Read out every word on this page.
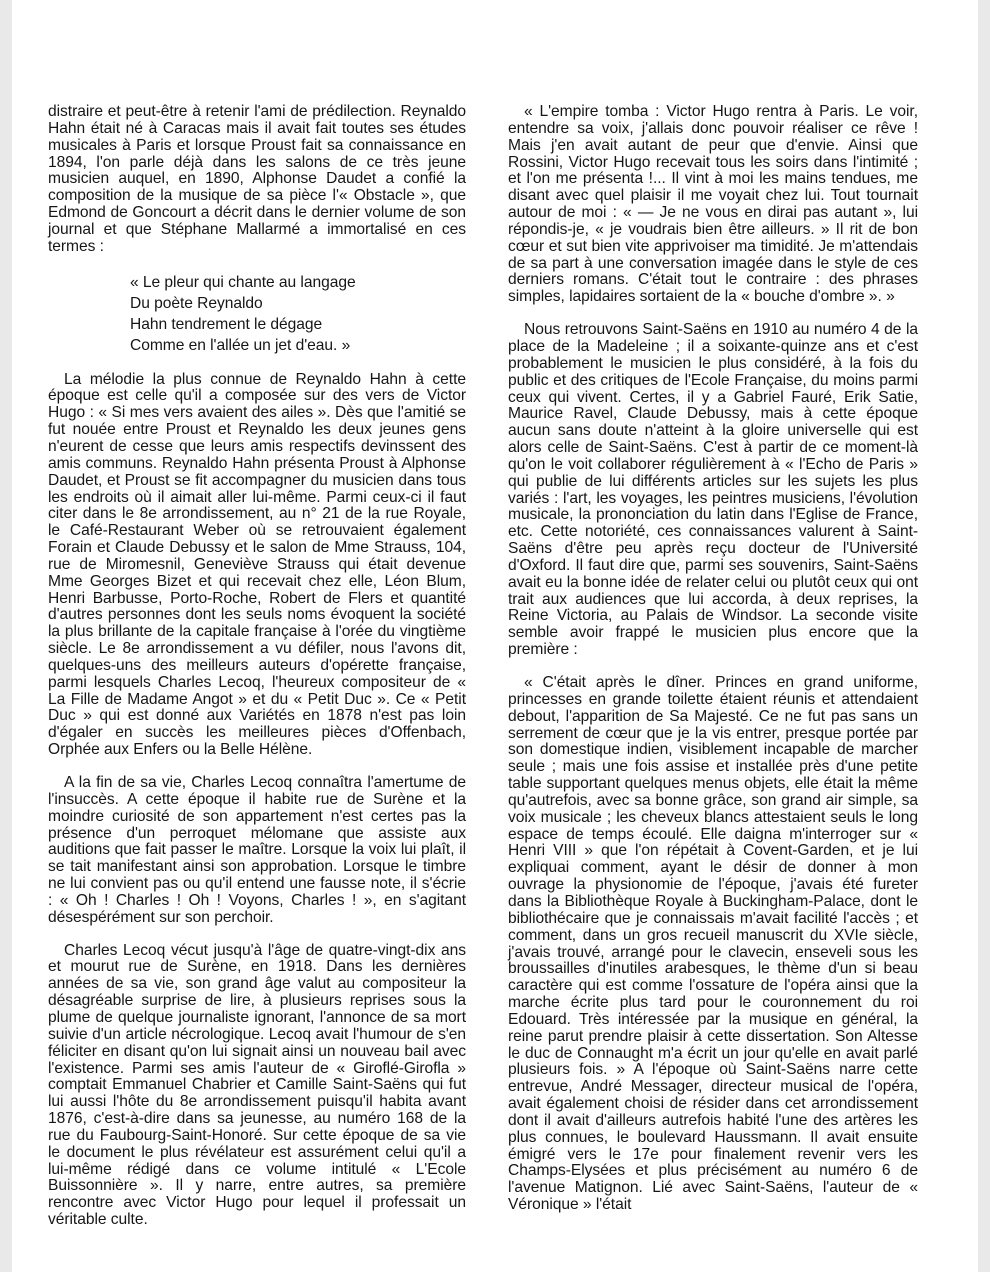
distraire et peut-être à retenir l'ami de prédilection. Reynaldo Hahn était né à Caracas mais il avait fait toutes ses études musicales à Paris et lorsque Proust fait sa connaissance en 1894, l'on parle déjà dans les salons de ce très jeune musicien auquel, en 1890, Alphonse Daudet a confié la composition de la musique de sa pièce l'« Obstacle », que Edmond de Goncourt a décrit dans le dernier volume de son journal et que Stéphane Mallarmé a immortalisé en ces termes :

« Le pleur qui chante au langage
Du poète Reynaldo
Hahn tendrement le dégage
Comme en l'allée un jet d'eau. »

La mélodie la plus connue de Reynaldo Hahn à cette époque est celle qu'il a composée sur des vers de Victor Hugo : « Si mes vers avaient des ailes ». Dès que l'amitié se fut nouée entre Proust et Reynaldo les deux jeunes gens n'eurent de cesse que leurs amis respectifs devinssent des amis communs. Reynaldo Hahn présenta Proust à Alphonse Daudet, et Proust se fit accompagner du musicien dans tous les endroits où il aimait aller lui-même. Parmi ceux-ci il faut citer dans le 8e arrondissement, au n° 21 de la rue Royale, le Café-Restaurant Weber où se retrouvaient également Forain et Claude Debussy et le salon de Mme Strauss, 104, rue de Miromesnil, Geneviève Strauss qui était devenue Mme Georges Bizet et qui recevait chez elle, Léon Blum, Henri Barbusse, Porto-Roche, Robert de Flers et quantité d'autres personnes dont les seuls noms évoquent la société la plus brillante de la capitale française à l'orée du vingtième siècle. Le 8e arrondissement a vu défiler, nous l'avons dit, quelques-uns des meilleurs auteurs d'opérette française, parmi lesquels Charles Lecoq, l'heureux compositeur de « La Fille de Madame Angot » et du « Petit Duc ». Ce « Petit Duc » qui est donné aux Variétés en 1878 n'est pas loin d'égaler en succès les meilleures pièces d'Offenbach, Orphée aux Enfers ou la Belle Hélène.

A la fin de sa vie, Charles Lecoq connaîtra l'amertume de l'insuccès. A cette époque il habite rue de Surène et la moindre curiosité de son appartement n'est certes pas la présence d'un perroquet mélomane que assiste aux auditions que fait passer le maître. Lorsque la voix lui plaît, il se tait manifestant ainsi son approbation. Lorsque le timbre ne lui convient pas ou qu'il entend une fausse note, il s'écrie : « Oh ! Charles ! Oh ! Voyons, Charles ! », en s'agitant désespérément sur son perchoir.

Charles Lecoq vécut jusqu'à l'âge de quatre-vingt-dix ans et mourut rue de Surène, en 1918. Dans les dernières années de sa vie, son grand âge valut au compositeur la désagréable surprise de lire, à plusieurs reprises sous la plume de quelque journaliste ignorant, l'annonce de sa mort suivie d'un article nécrologique. Lecoq avait l'humour de s'en féliciter en disant qu'on lui signait ainsi un nouveau bail avec l'existence. Parmi ses amis l'auteur de « Giroflé-Girofla » comptait Emmanuel Chabrier et Camille Saint-Saëns qui fut lui aussi l'hôte du 8e arrondissement puisqu'il habita avant 1876, c'est-à-dire dans sa jeunesse, au numéro 168 de la rue du Faubourg-Saint-Honoré. Sur cette époque de sa vie le document le plus révélateur est assurément celui qu'il a lui-même rédigé dans ce volume intitulé « L'Ecole Buissonnière ». Il y narre, entre autres, sa première rencontre avec Victor Hugo pour lequel il professait un véritable culte.

« L'empire tomba : Victor Hugo rentra à Paris. Le voir, entendre sa voix, j'allais donc pouvoir réaliser ce rêve ! Mais j'en avait autant de peur que d'envie. Ainsi que Rossini, Victor Hugo recevait tous les soirs dans l'intimité ; et l'on me présenta !... Il vint à moi les mains tendues, me disant avec quel plaisir il me voyait chez lui. Tout tournait autour de moi : « — Je ne vous en dirai pas autant », lui répondis-je, « je voudrais bien être ailleurs. » Il rit de bon cœur et sut bien vite apprivoiser ma timidité. Je m'attendais de sa part à une conversation imagée dans le style de ces derniers romans. C'était tout le contraire : des phrases simples, lapidaires sortaient de la « bouche d'ombre ». »

Nous retrouvons Saint-Saëns en 1910 au numéro 4 de la place de la Madeleine ; il a soixante-quinze ans et c'est probablement le musicien le plus considéré, à la fois du public et des critiques de l'Ecole Française, du moins parmi ceux qui vivent. Certes, il y a Gabriel Fauré, Erik Satie, Maurice Ravel, Claude Debussy, mais à cette époque aucun sans doute n'atteint à la gloire universelle qui est alors celle de Saint-Saëns. C'est à partir de ce moment-là qu'on le voit collaborer régulièrement à « l'Echo de Paris » qui publie de lui différents articles sur les sujets les plus variés : l'art, les voyages, les peintres musiciens, l'évolution musicale, la prononciation du latin dans l'Eglise de France, etc. Cette notoriété, ces connaissances valurent à Saint-Saëns d'être peu après reçu docteur de l'Université d'Oxford. Il faut dire que, parmi ses souvenirs, Saint-Saëns avait eu la bonne idée de relater celui ou plutôt ceux qui ont trait aux audiences que lui accorda, à deux reprises, la Reine Victoria, au Palais de Windsor. La seconde visite semble avoir frappé le musicien plus encore que la première :

« C'était après le dîner. Princes en grand uniforme, princesses en grande toilette étaient réunis et attendaient debout, l'apparition de Sa Majesté. Ce ne fut pas sans un serrement de cœur que je la vis entrer, presque portée par son domestique indien, visiblement incapable de marcher seule ; mais une fois assise et installée près d'une petite table supportant quelques menus objets, elle était la même qu'autrefois, avec sa bonne grâce, son grand air simple, sa voix musicale ; les cheveux blancs attestaient seuls le long espace de temps écoulé. Elle daigna m'interroger sur « Henri VIII » que l'on répétait à Covent-Garden, et je lui expliquai comment, ayant le désir de donner à mon ouvrage la physionomie de l'époque, j'avais été fureter dans la Bibliothèque Royale à Buckingham-Palace, dont le bibliothécaire que je connaissais m'avait facilité l'accès ; et comment, dans un gros recueil manuscrit du XVIe siècle, j'avais trouvé, arrangé pour le clavecin, enseveli sous les broussailles d'inutiles arabesques, le thème d'un si beau caractère qui est comme l'ossature de l'opéra ainsi que la marche écrite plus tard pour le couronnement du roi Edouard. Très intéressée par la musique en général, la reine parut prendre plaisir à cette dissertation. Son Altesse le duc de Connaught m'a écrit un jour qu'elle en avait parlé plusieurs fois. » A l'époque où Saint-Saëns narre cette entrevue, André Messager, directeur musical de l'opéra, avait également choisi de résider dans cet arrondissement dont il avait d'ailleurs autrefois habité l'une des artères les plus connues, le boulevard Haussmann. Il avait ensuite émigré vers le 17e pour finalement revenir vers les Champs-Elysées et plus précisément au numéro 6 de l'avenue Matignon. Lié avec Saint-Saëns, l'auteur de « Véronique » l'était
